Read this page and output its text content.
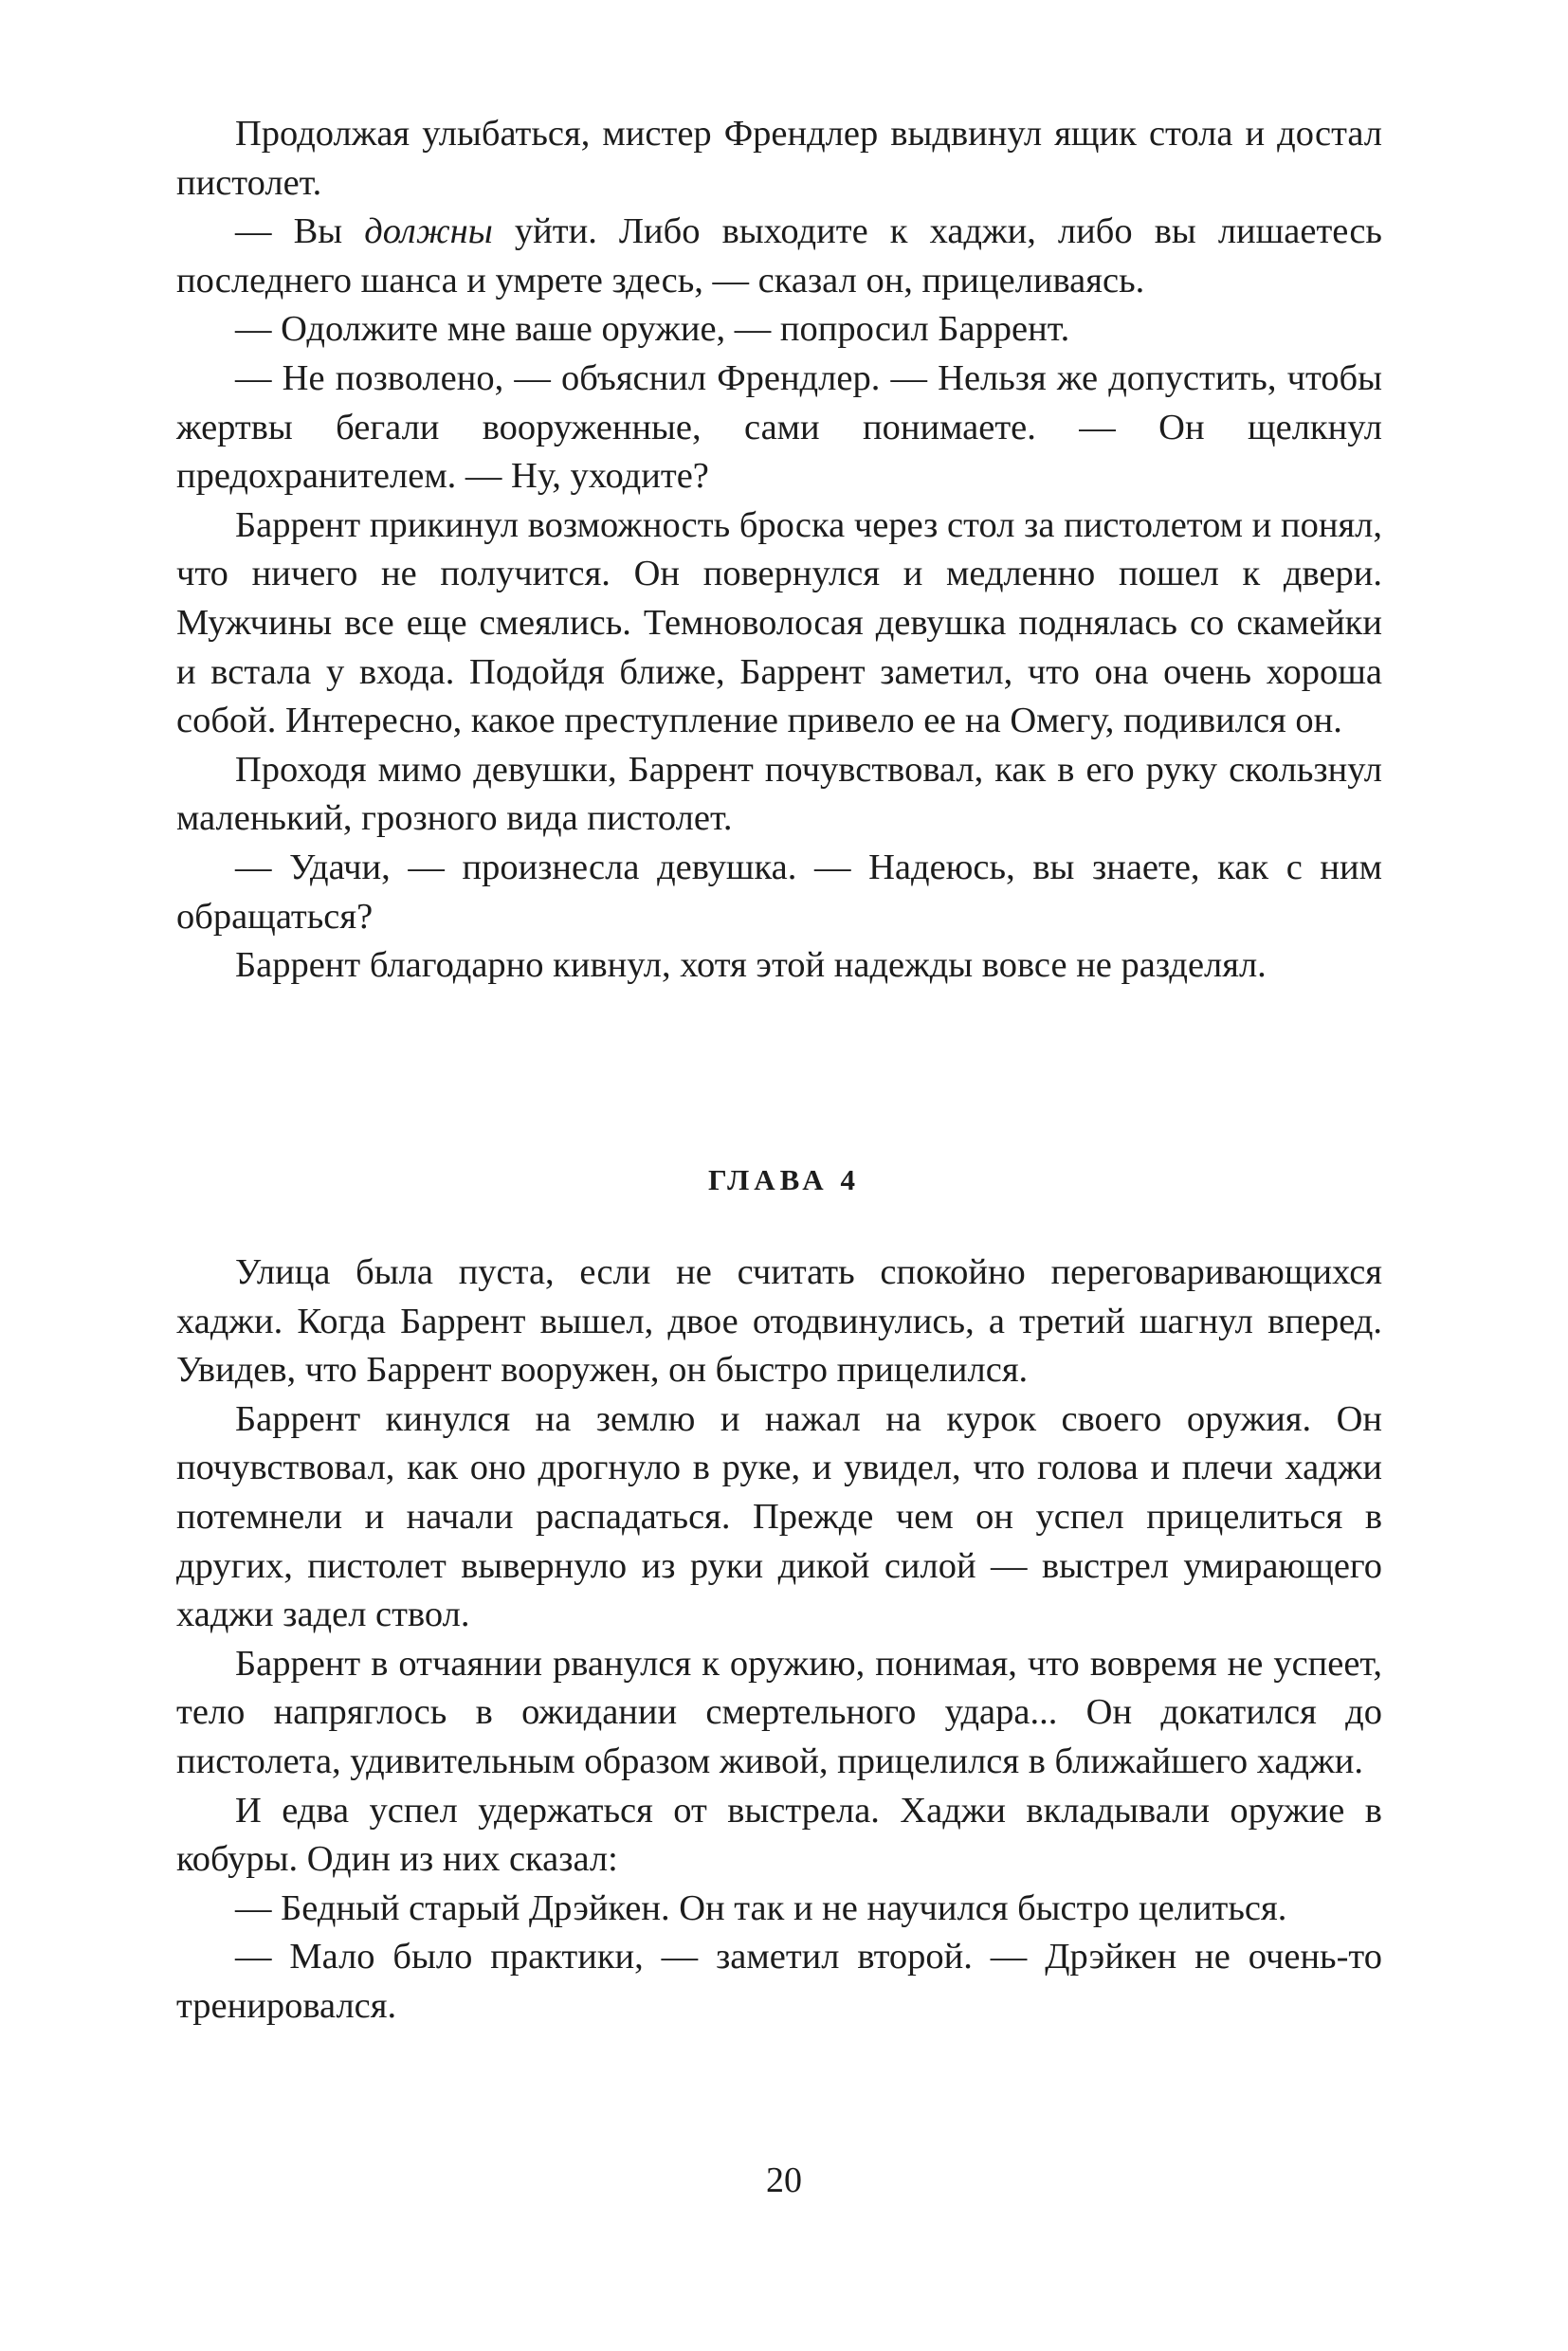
Продолжая улыбаться, мистер Френдлер выдвинул ящик стола и достал пистолет.

— Вы должны уйти. Либо выходите к хаджи, либо вы лишаетесь последнего шанса и умрете здесь, — сказал он, прицеливаясь.

— Одолжите мне ваше оружие, — попросил Баррент.

— Не позволено, — объяснил Френдлер. — Нельзя же допустить, чтобы жертвы бегали вооруженные, сами понимаете. — Он щелкнул предохранителем. — Ну, уходите?

Баррент прикинул возможность броска через стол за пистолетом и понял, что ничего не получится. Он повернулся и медленно пошел к двери. Мужчины все еще смеялись. Темноволосая девушка поднялась со скамейки и встала у входа. Подойдя ближе, Баррент заметил, что она очень хороша собой. Интересно, какое преступление привело ее на Омегу, подивился он.

Проходя мимо девушки, Баррент почувствовал, как в его руку скользнул маленький, грозного вида пистолет.

— Удачи, — произнесла девушка. — Надеюсь, вы знаете, как с ним обращаться?

Баррент благодарно кивнул, хотя этой надежды вовсе не разделял.

ГЛАВА 4

Улица была пуста, если не считать спокойно переговаривающихся хаджи. Когда Баррент вышел, двое отодвинулись, а третий шагнул вперед. Увидев, что Баррент вооружен, он быстро прицелился.

Баррент кинулся на землю и нажал на курок своего оружия. Он почувствовал, как оно дрогнуло в руке, и увидел, что голова и плечи хаджи потемнели и начали распадаться. Прежде чем он успел прицелиться в других, пистолет вывернуло из руки дикой силой — выстрел умирающего хаджи задел ствол.

Баррент в отчаянии рванулся к оружию, понимая, что вовремя не успеет, тело напряглось в ожидании смертельного удара... Он докатился до пистолета, удивительным образом живой, прицелился в ближайшего хаджи.

И едва успел удержаться от выстрела. Хаджи вкладывали оружие в кобуры. Один из них сказал:

— Бедный старый Дрэйкен. Он так и не научился быстро целиться.

— Мало было практики, — заметил второй. — Дрэйкен не очень-то тренировался.

20
